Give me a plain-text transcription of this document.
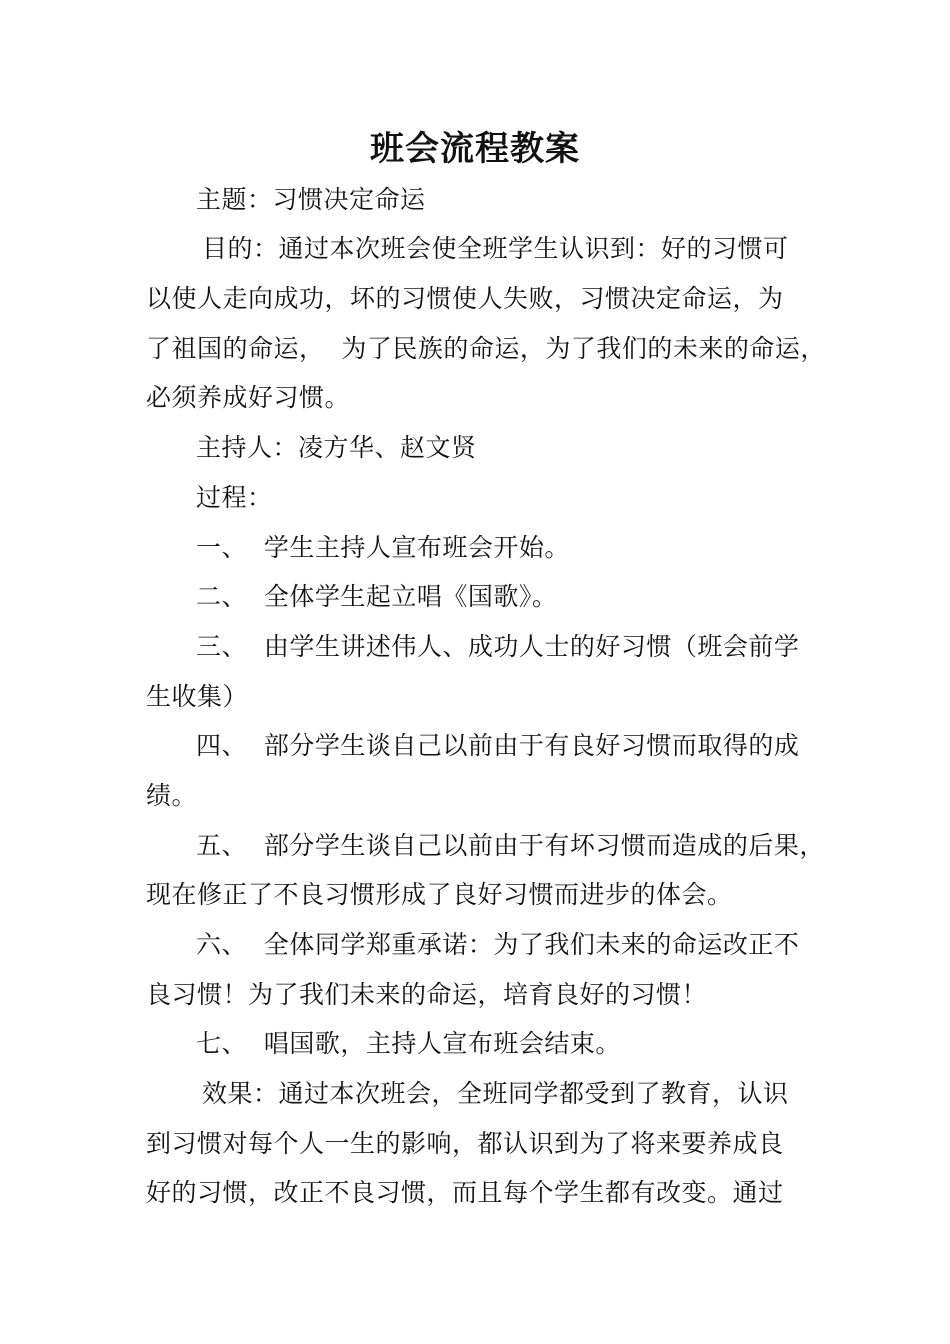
班会流程教案
主题：习惯决定命运
目的：通过本次班会使全班学生认识到：好的习惯可
以使人走向成功，坏的习惯使人失败，习惯决定命运，为
了祖国的命运，  为了民族的命运，为了我们的未来的命运，
必须养成好习惯。
主持人：凌方华、赵文贤
过程：
一、  学生主持人宣布班会开始。
二、  全体学生起立唱《国歌》。
三、  由学生讲述伟人、成功人士的好习惯（班会前学
生收集）
四、  部分学生谈自己以前由于有良好习惯而取得的成
绩。
五、  部分学生谈自己以前由于有坏习惯而造成的后果，
现在修正了不良习惯形成了良好习惯而进步的体会。
六、  全体同学郑重承诺：为了我们未来的命运改正不
良习惯！为了我们未来的命运，培育良好的习惯！
七、  唱国歌，主持人宣布班会结束。
效果：通过本次班会，全班同学都受到了教育，认识
到习惯对每个人一生的影响，都认识到为了将来要养成良
好的习惯，改正不良习惯，而且每个学生都有改变。通过
